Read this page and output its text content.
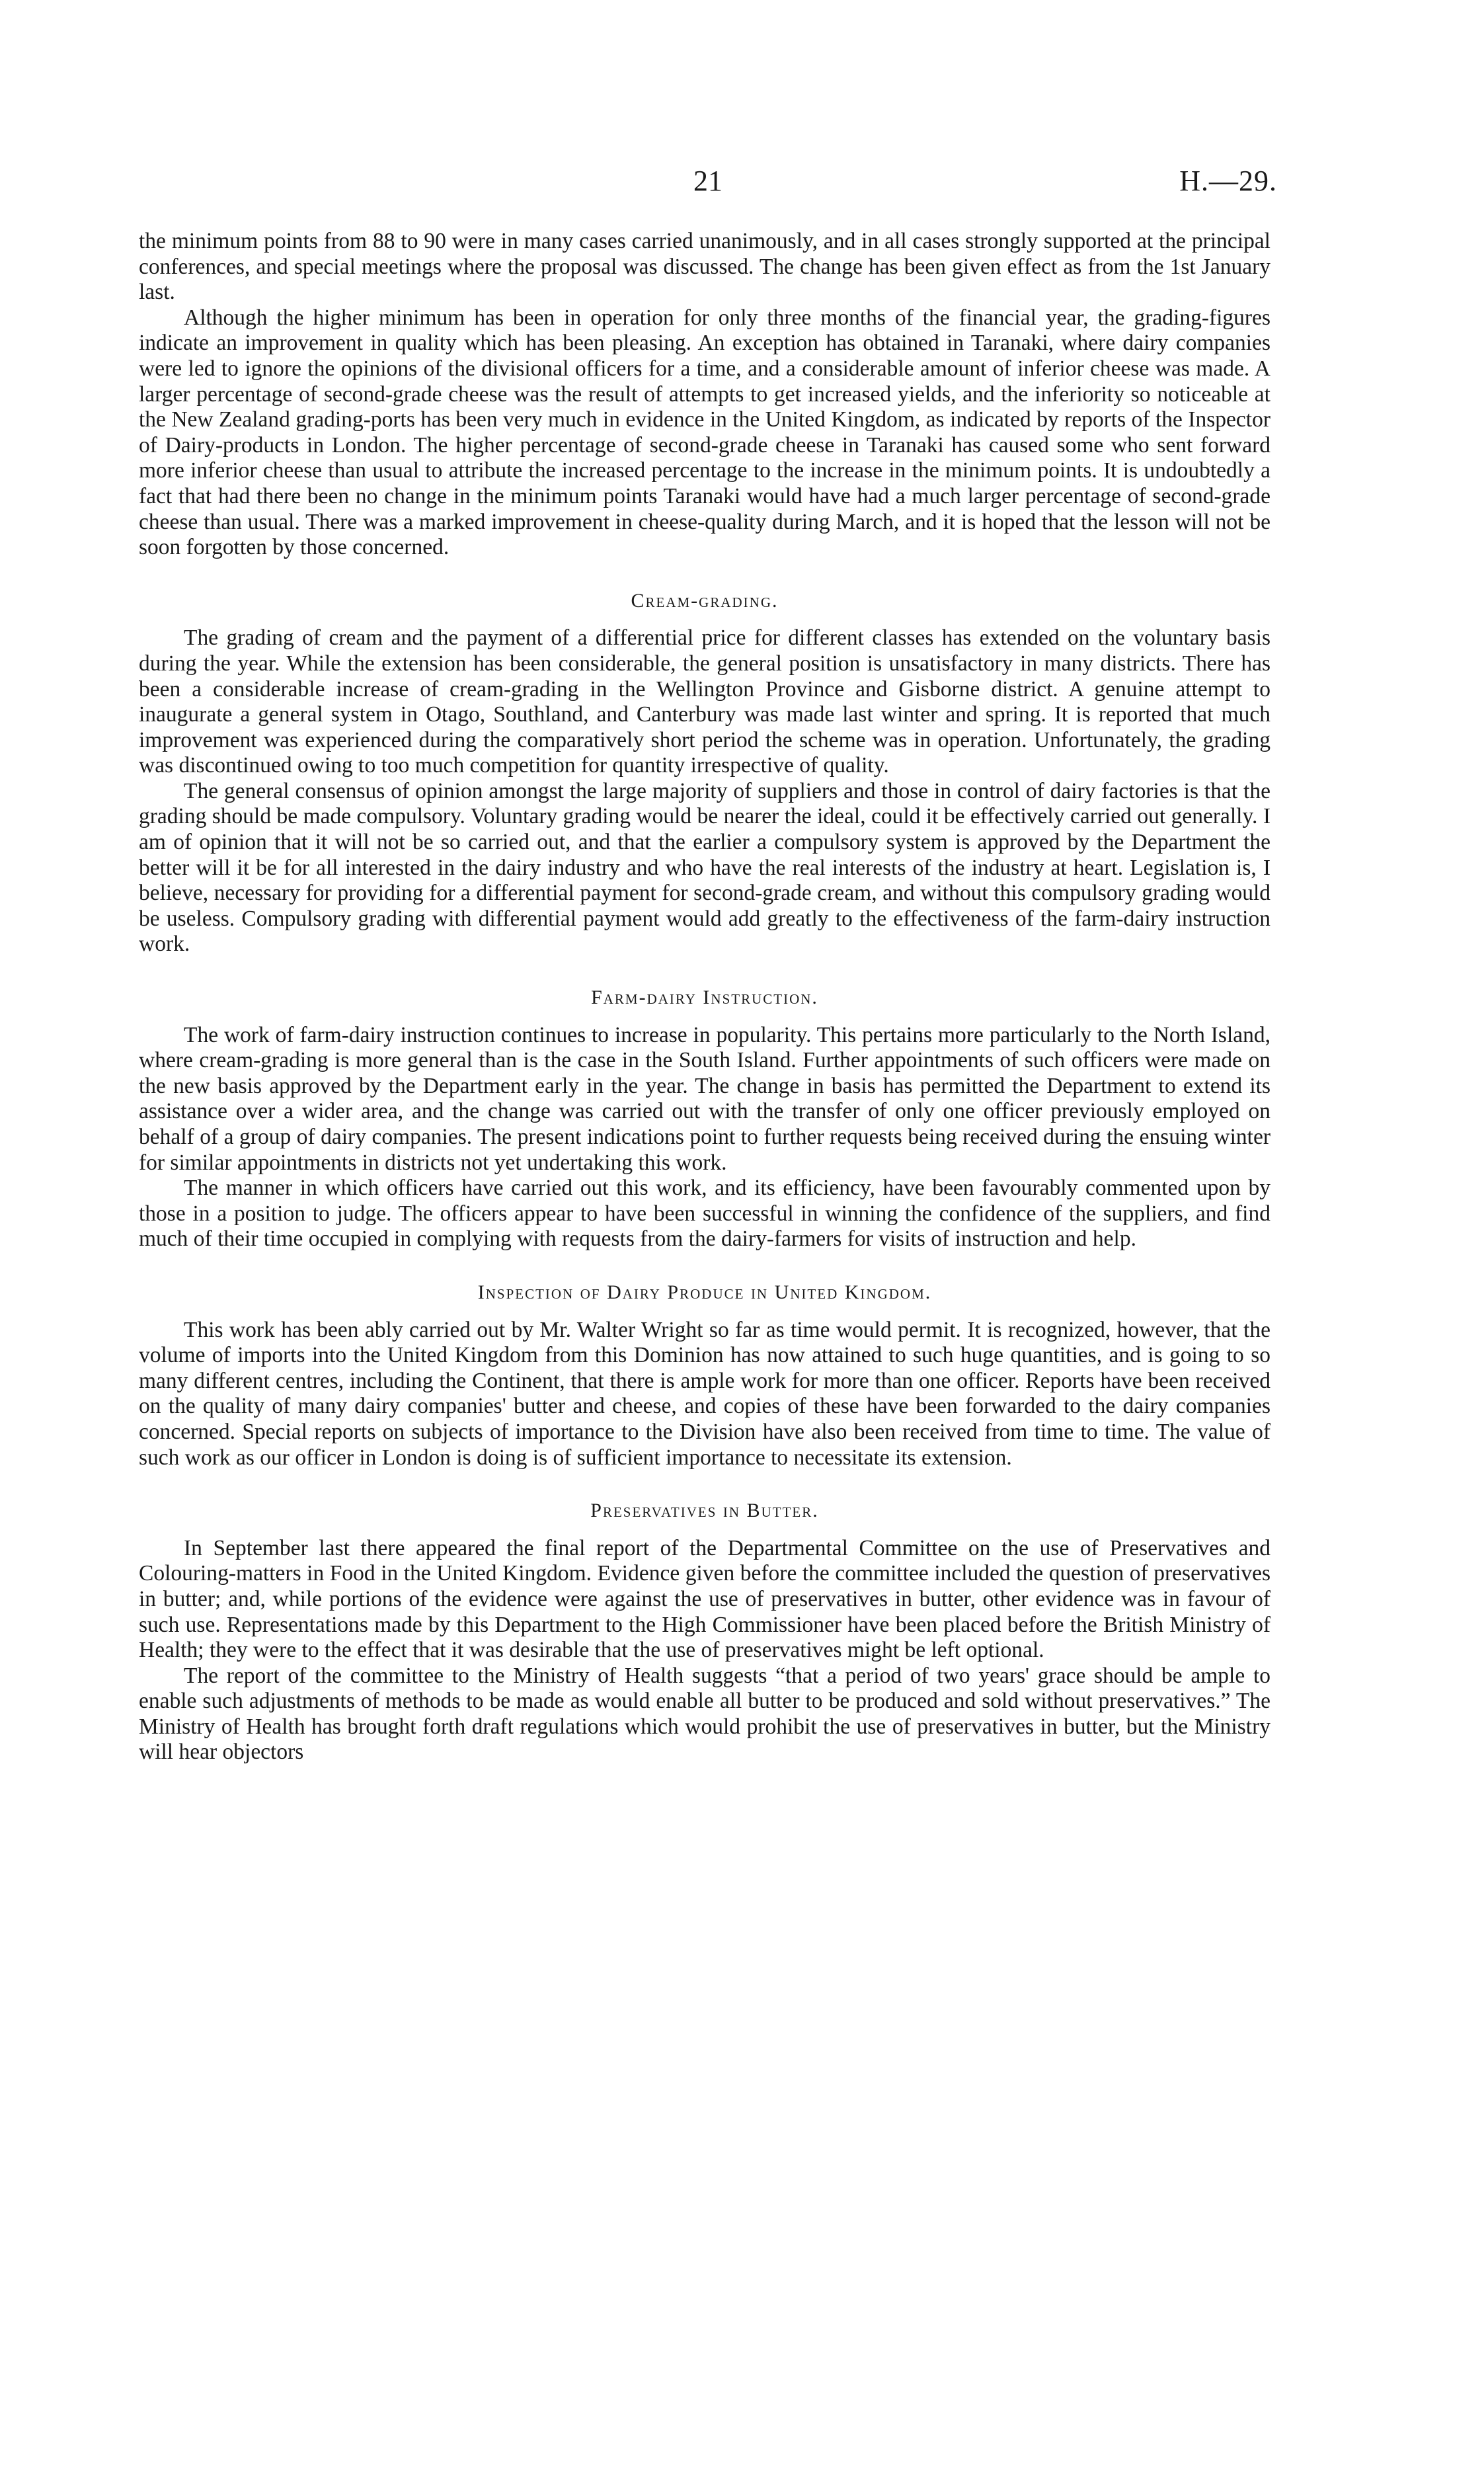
21	H.—29.

the minimum points from 88 to 90 were in many cases carried unanimously, and in all cases strongly supported at the principal conferences, and special meetings where the proposal was discussed. The change has been given effect as from the 1st January last.

Although the higher minimum has been in operation for only three months of the financial year, the grading-figures indicate an improvement in quality which has been pleasing. An exception has obtained in Taranaki, where dairy companies were led to ignore the opinions of the divisional officers for a time, and a considerable amount of inferior cheese was made. A larger percentage of second-grade cheese was the result of attempts to get increased yields, and the inferiority so noticeable at the New Zealand grading-ports has been very much in evidence in the United Kingdom, as indicated by reports of the Inspector of Dairy-products in London. The higher percentage of second-grade cheese in Taranaki has caused some who sent forward more inferior cheese than usual to attribute the increased percentage to the increase in the minimum points. It is undoubtedly a fact that had there been no change in the minimum points Taranaki would have had a much larger percentage of second-grade cheese than usual. There was a marked improvement in cheese-quality during March, and it is hoped that the lesson will not be soon forgotten by those concerned.

Cream-grading.

The grading of cream and the payment of a differential price for different classes has extended on the voluntary basis during the year. While the extension has been considerable, the general position is unsatisfactory in many districts. There has been a considerable increase of cream-grading in the Wellington Province and Gisborne district. A genuine attempt to inaugurate a general system in Otago, Southland, and Canterbury was made last winter and spring. It is reported that much improvement was experienced during the comparatively short period the scheme was in operation. Unfortunately, the grading was discontinued owing to too much competition for quantity irrespective of quality.

The general consensus of opinion amongst the large majority of suppliers and those in control of dairy factories is that the grading should be made compulsory. Voluntary grading would be nearer the ideal, could it be effectively carried out generally. I am of opinion that it will not be so carried out, and that the earlier a compulsory system is approved by the Department the better will it be for all interested in the dairy industry and who have the real interests of the industry at heart. Legislation is, I believe, necessary for providing for a differential payment for second-grade cream, and without this compulsory grading would be useless. Compulsory grading with differential payment would add greatly to the effectiveness of the farm-dairy instruction work.

Farm-dairy Instruction.

The work of farm-dairy instruction continues to increase in popularity. This pertains more particularly to the North Island, where cream-grading is more general than is the case in the South Island. Further appointments of such officers were made on the new basis approved by the Department early in the year. The change in basis has permitted the Department to extend its assistance over a wider area, and the change was carried out with the transfer of only one officer previously employed on behalf of a group of dairy companies. The present indications point to further requests being received during the ensuing winter for similar appointments in districts not yet undertaking this work.

The manner in which officers have carried out this work, and its efficiency, have been favourably commented upon by those in a position to judge. The officers appear to have been successful in winning the confidence of the suppliers, and find much of their time occupied in complying with requests from the dairy-farmers for visits of instruction and help.

Inspection of Dairy Produce in United Kingdom.

This work has been ably carried out by Mr. Walter Wright so far as time would permit. It is recognized, however, that the volume of imports into the United Kingdom from this Dominion has now attained to such huge quantities, and is going to so many different centres, including the Continent, that there is ample work for more than one officer. Reports have been received on the quality of many dairy companies' butter and cheese, and copies of these have been forwarded to the dairy companies concerned. Special reports on subjects of importance to the Division have also been received from time to time. The value of such work as our officer in London is doing is of sufficient importance to necessitate its extension.

Preservatives in Butter.

In September last there appeared the final report of the Departmental Committee on the use of Preservatives and Colouring-matters in Food in the United Kingdom. Evidence given before the committee included the question of preservatives in butter; and, while portions of the evidence were against the use of preservatives in butter, other evidence was in favour of such use. Representations made by this Department to the High Commissioner have been placed before the British Ministry of Health; they were to the effect that it was desirable that the use of preservatives might be left optional.

The report of the committee to the Ministry of Health suggests “that a period of two years' grace should be ample to enable such adjustments of methods to be made as would enable all butter to be produced and sold without preservatives.” The Ministry of Health has brought forth draft regulations which would prohibit the use of preservatives in butter, but the Ministry will hear objectors
